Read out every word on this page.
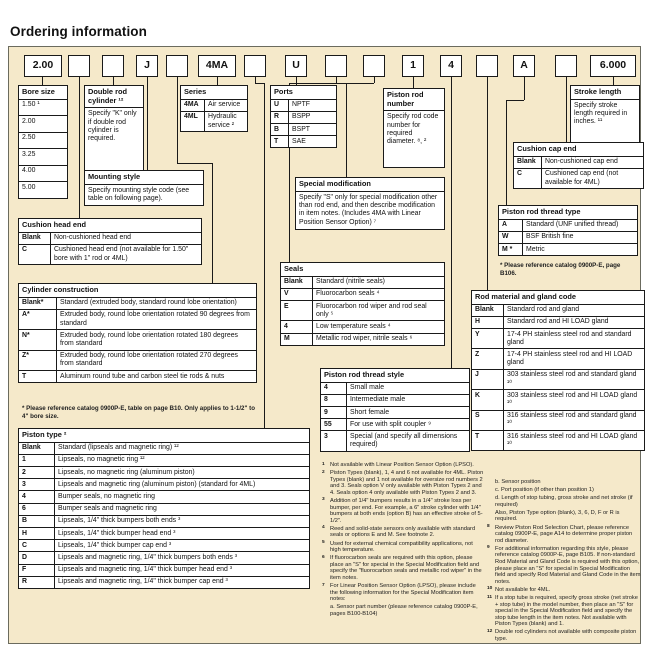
Ordering information
2.00	J	4MA	U	1	4	A	6.000
Bore size
1.50 ¹
2.00
2.50
3.25
4.00
5.00
Double rod cylinder ¹²
Specify "K" only if double rod cylinder is required.
Series
4MA	Air service
4ML	Hydraulic service ²
Ports
U	NPTF
R	BSPP
B	BSPT
T	SAE
Piston rod number
Specify rod code number for required diameter. ⁸, ²
Stroke length
Specify stroke length required in inches. ¹¹
Cushion cap end
Blank	Non-cushioned cap end
C	Cushioned cap end (not available for 4ML)
Mounting style
Specify mounting style code (see table on following page).
Special modification
Specify "S" only for special modification other than rod end, and then describe modification in item notes. (Includes 4MA with Linear Position Sensor Option) ⁷
Piston rod thread type
A	Standard (UNF unified thread)
W	BSF British fine
M *	Metric
* Please reference catalog 0900P-E, page B106.
Cushion head end
Blank	Non-cushioned head end
C	Cushioned head end (not available for 1.50" bore with 1" rod or 4ML)
Seals
Blank	Standard (nitrile seals)
V	Fluorocarbon seals ⁴
E	Fluorocarbon rod wiper and rod seal only ⁵
4	Low temperature seals ⁴
M	Metallic rod wiper, nitrile seals ⁶
Rod material and gland code
Blank	Standard rod and gland
H	Standard rod and HI LOAD gland
Y	17-4 PH stainless steel rod and standard gland
Z	17-4 PH stainless steel rod and HI LOAD gland
J	303 stainless steel rod and standard gland ¹⁰
K	303 stainless steel rod and HI LOAD gland ¹⁰
S	316 stainless steel rod and standard gland ¹⁰
T	316 stainless steel rod and HI LOAD gland ¹⁰
Cylinder construction
Blank*	Standard (extruded body, standard round lobe orientation)
A*	Extruded body, round lobe orientation rotated 90 degrees from standard
N*	Extruded body, round lobe orientation rotated 180 degrees from standard
Z*	Extruded body, round lobe orientation rotated 270 degrees from standard
T	Aluminum round tube and carbon steel tie rods & nuts
* Please reference catalog 0900P-E, table on page B10. Only applies to 1-1/2" to 4" bore size.
Piston rod thread style
4	Small male
8	Intermediate male
9	Short female
55	For use with split coupler ⁹
3	Special (and specify all dimensions required)
Piston type ²
Blank	Standard (lipseals and magnetic ring) ¹²
1	Lipseals, no magnetic ring ¹²
2	Lipseals, no magnetic ring (aluminum piston)
3	Lipseals and magnetic ring (aluminum piston) (standard for 4ML)
4	Bumper seals, no magnetic ring
6	Bumper seals and magnetic ring
B	Lipseals, 1/4" thick bumpers both ends ³
H	Lipseals, 1/4" thick bumper head end ³
C	Lipseals, 1/4" thick bumper cap end ³
D	Lipseals and magnetic ring, 1/4" thick bumpers both ends ³
F	Lipseals and magnetic ring, 1/4" thick bumper head end ³
R	Lipseals and magnetic ring, 1/4" thick bumper cap end ³
1 Not available with Linear Position Sensor Option (LPSO).
2 Piston Types (blank), 1, 4 and 6 not available for 4ML. Piston Types (blank) and 1 not available for oversize rod numbers 2 and 3. Seals option V only available with Piston Types 2 and 4. Seals option 4 only available with Piston Types 2 and 3.
3 Addition of 1/4" bumpers results in a 1/4" stroke loss per bumper, per end. For example, a 6" stroke cylinder with 1/4" bumpers at both ends (option B) has an effective stroke of 5-1/2".
4 Reed and solid-state sensors only available with standard seals or options E and M. See footnote 2.
5 Used for external chemical compatibility applications, not high temperature.
6 If fluorocarbon seals are required with this option, please place an "S" for special in the Special Modification field and specify the "fluorocarbon seals and metallic rod wiper" in the item notes.
7 For Linear Position Sensor Option (LPSO), please include the following information for the Special Modification item notes:
a. Sensor part number (please reference catalog 0900P-E, pages B100-B104)
b. Sensor position
c. Port position (if other than position 1)
d. Length of stop tubing, gross stroke and net stroke (if required)
Also, Piston Type option (blank), 3, 6, D, F or R is required.
8 Review Piston Rod Selection Chart, please reference catalog 0900P-E, page A14 to determine proper piston rod diameter.
9 For additional information regarding this style, please reference catalog 0900P-E, page B105. If non-standard Rod Material and Gland Code is required with this option, please place an "S" for special in Special Modification field and specify Rod Material and Gland Code in the item notes.
10 Not available for 4ML.
11 If a stop tube is required, specify gross stroke (net stroke + stop tube) in the model number, then place an "S" for special in the Special Modification field and specify the stop tube length in the item notes. Not available with Piston Types (blank) and 1.
12 Double rod cylinders not available with composite piston type.
